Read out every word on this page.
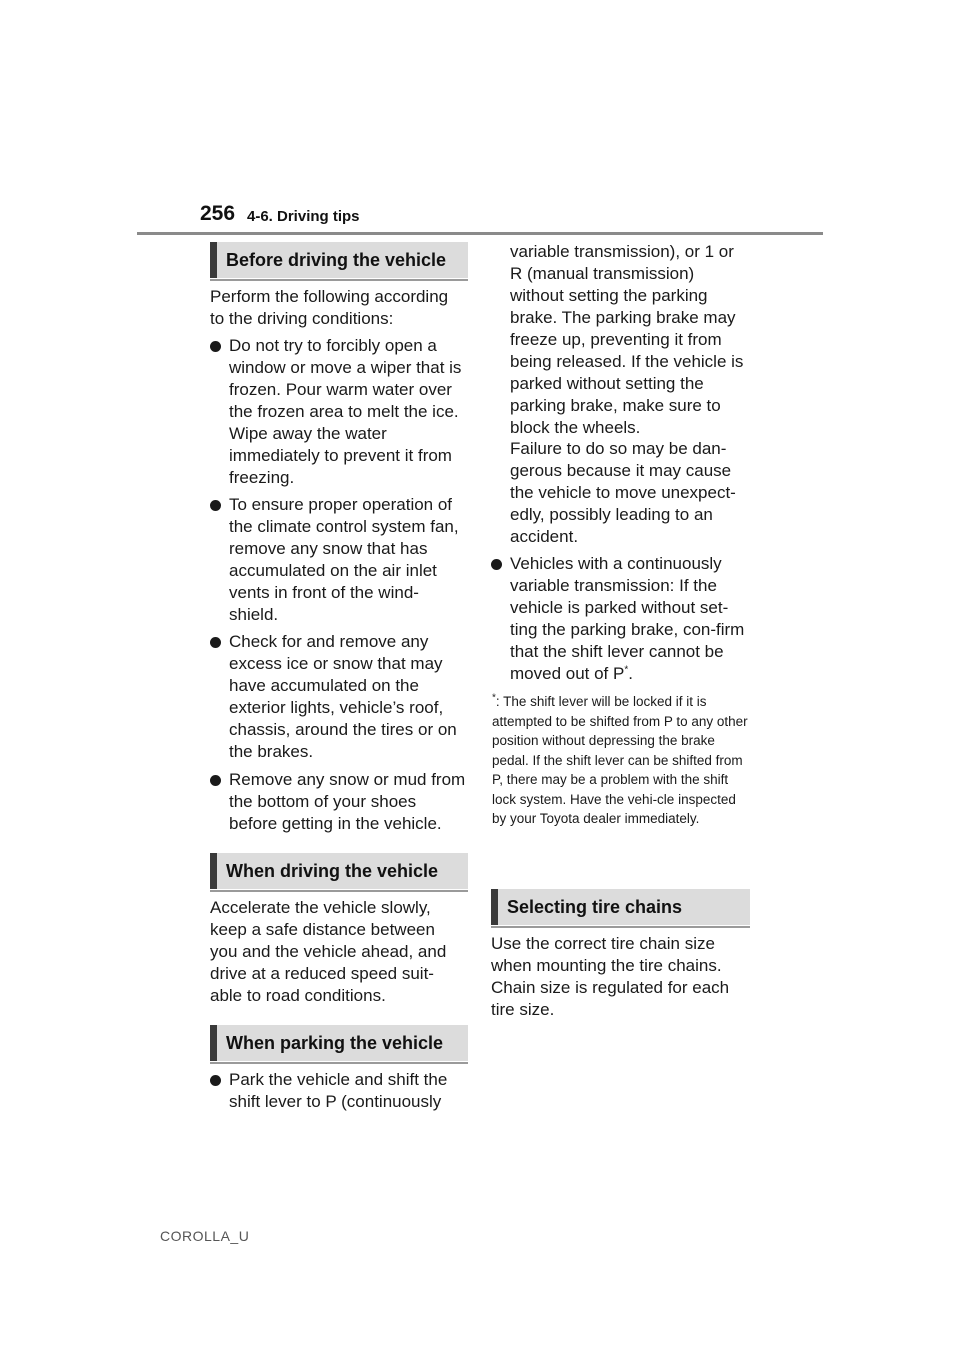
256 4-6. Driving tips
Before driving the vehicle

Perform the following according to the driving conditions:

Do not try to forcibly open a window or move a wiper that is frozen. Pour warm water over the frozen area to melt the ice. Wipe away the water immediately to prevent it from freezing.
To ensure proper operation of the climate control system fan, remove any snow that has accumulated on the air inlet vents in front of the wind-shield.
Check for and remove any excess ice or snow that may have accumulated on the exterior lights, vehicle’s roof, chassis, around the tires or on the brakes.
Remove any snow or mud from the bottom of your shoes before getting in the vehicle.
When driving the vehicle

Accelerate the vehicle slowly, keep a safe distance between you and the vehicle ahead, and drive at a reduced speed suit-able to road conditions.

When parking the vehicle
Park the vehicle and shift the shift lever to P (continuously
variable transmission), or 1 or R (manual transmission) without setting the parking brake. The parking brake may freeze up, preventing it from being released. If the vehicle is parked without setting the parking brake, make sure to block the wheels.
Failure to do so may be dan-gerous because it may cause the vehicle to move unexpect-edly, possibly leading to an accident.
Vehicles with a continuously variable transmission: If the vehicle is parked without set-ting the parking brake, con-firm that the shift lever cannot be moved out of P*.
*: The shift lever will be locked if it is attempted to be shifted from P to any other position without depressing the brake pedal. If the shift lever can be shifted from P, there may be a problem with the shift lock system. Have the vehi-cle inspected by your Toyota dealer immediately.
Selecting tire chains

Use the correct tire chain size when mounting the tire chains. Chain size is regulated for each tire size.

COROLLA_U
